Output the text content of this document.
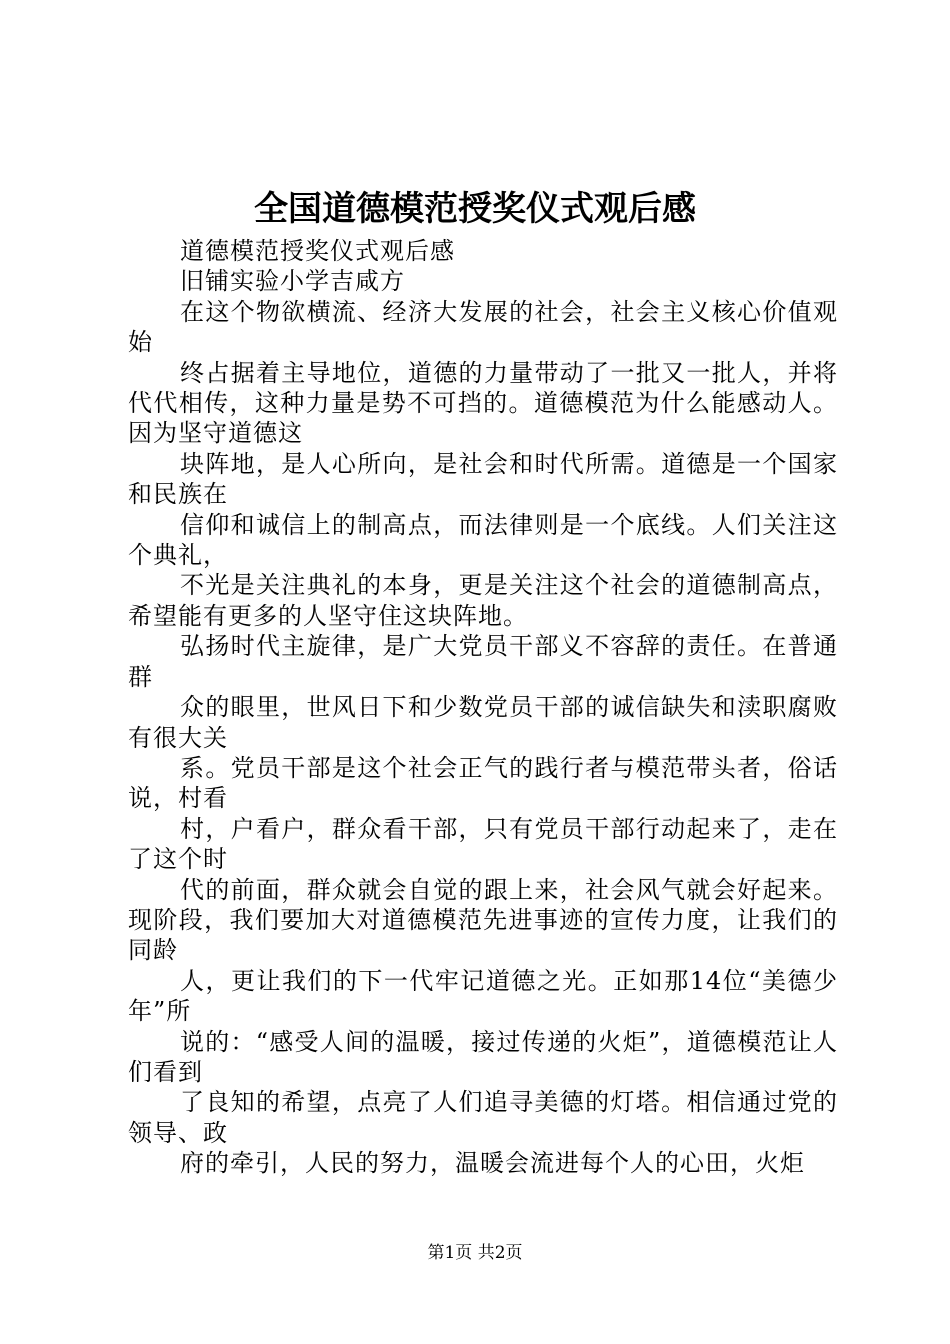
全国道德模范授奖仪式观后感

道德模范授奖仪式观后感

旧铺实验小学吉咸方

在这个物欲横流、经济大发展的社会，社会主义核心价值观始

终占据着主导地位，道德的力量带动了一批又一批人，并将代代相传，这种力量是势不可挡的。道德模范为什么能感动人。因为坚守道德这

块阵地，是人心所向，是社会和时代所需。道德是一个国家和民族在

信仰和诚信上的制高点，而法律则是一个底线。人们关注这个典礼，

不光是关注典礼的本身，更是关注这个社会的道德制高点，希望能有更多的人坚守住这块阵地。

弘扬时代主旋律，是广大党员干部义不容辞的责任。在普通群

众的眼里，世风日下和少数党员干部的诚信缺失和渎职腐败有很大关

系。党员干部是这个社会正气的践行者与模范带头者，俗话说，村看

村，户看户，群众看干部，只有党员干部行动起来了，走在了这个时

代的前面，群众就会自觉的跟上来，社会风气就会好起来。现阶段，我们要加大对道德模范先进事迹的宣传力度，让我们的同龄

人，更让我们的下一代牢记道德之光。正如那14位“美德少年”所

说的：“感受人间的温暖，接过传递的火炬”，道德模范让人们看到

了良知的希望，点亮了人们追寻美德的灯塔。相信通过党的领导、政

府的牵引，人民的努力，温暖会流进每个人的心田，火炬

第1页 共2页
